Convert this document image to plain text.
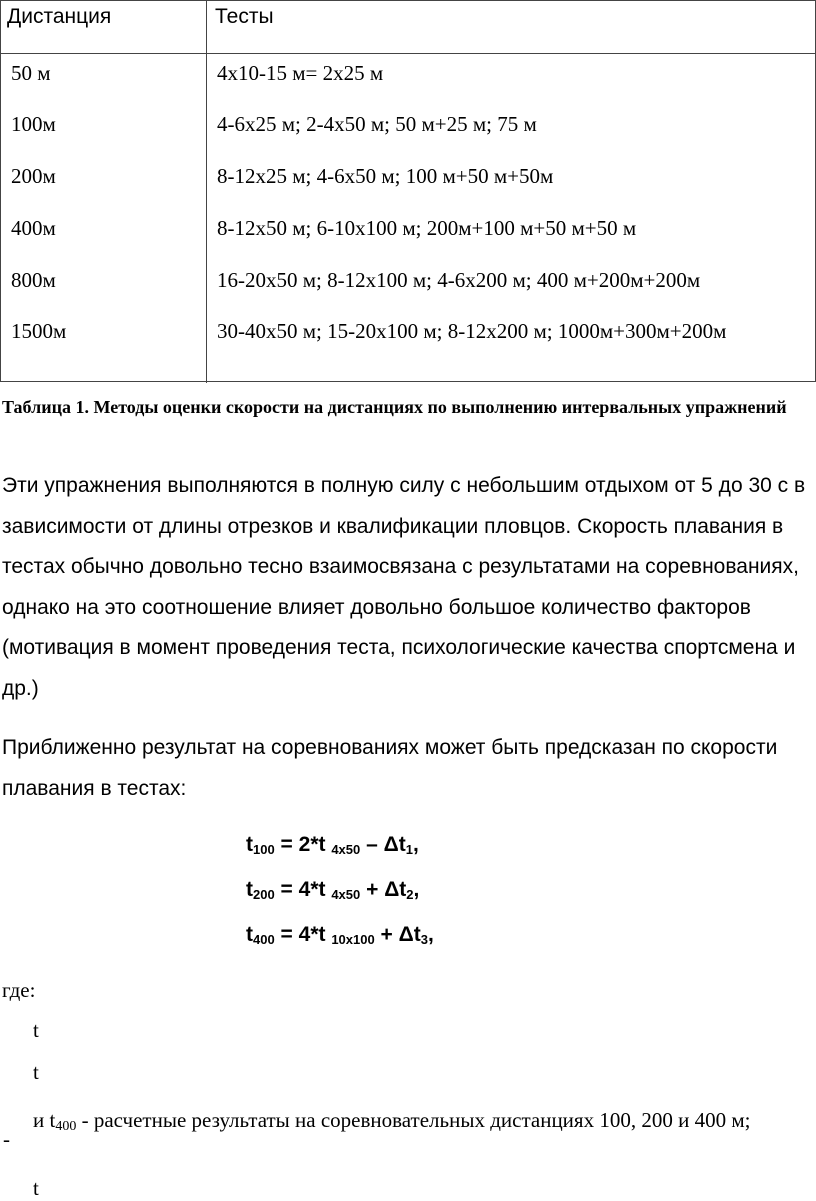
Дистанция	Тесты
50 м	4х10-15 м= 2х25 м
100м	4-6х25 м; 2-4х50 м; 50 м+25 м; 75 м
200м	8-12х25 м; 4-6х50 м; 100 м+50 м+50м
400м	8-12х50 м; 6-10х100 м; 200м+100 м+50 м+50 м
800м	16-20х50 м; 8-12х100 м; 4-6х200 м; 400 м+200м+200м
1500м	30-40х50 м; 15-20х100 м; 8-12х200 м; 1000м+300м+200м
Таблица 1. Методы оценки скорости на дистанциях по выполнению интервальных упражнений
Эти упражнения выполняются в полную силу с небольшим отдыхом от 5 до 30 с в зависимости от длины отрезков и квалификации пловцов. Скорость плавания в тестах обычно довольно тесно взаимосвязана с результатами на соревнованиях, однако на это соотношение влияет довольно большое количество факторов (мотивация в момент проведения теста, психологические качества спортсмена и др.)
Приближенно результат на соревнованиях может быть предсказан по скорости плавания в тестах:
$t_{100} = 2*t$ $_{4х50} - \Delta t_1$,
$t_{200} = 4*t$ $_{4х50} + \Delta t_2$,
$t_{400} = 4*t$ $_{10х100} + \Delta t_3$,
где:
t
t
-
и $t_{400}$ - расчетные результаты на соревновательных дистанциях 100, 200 и 400 м;
t
